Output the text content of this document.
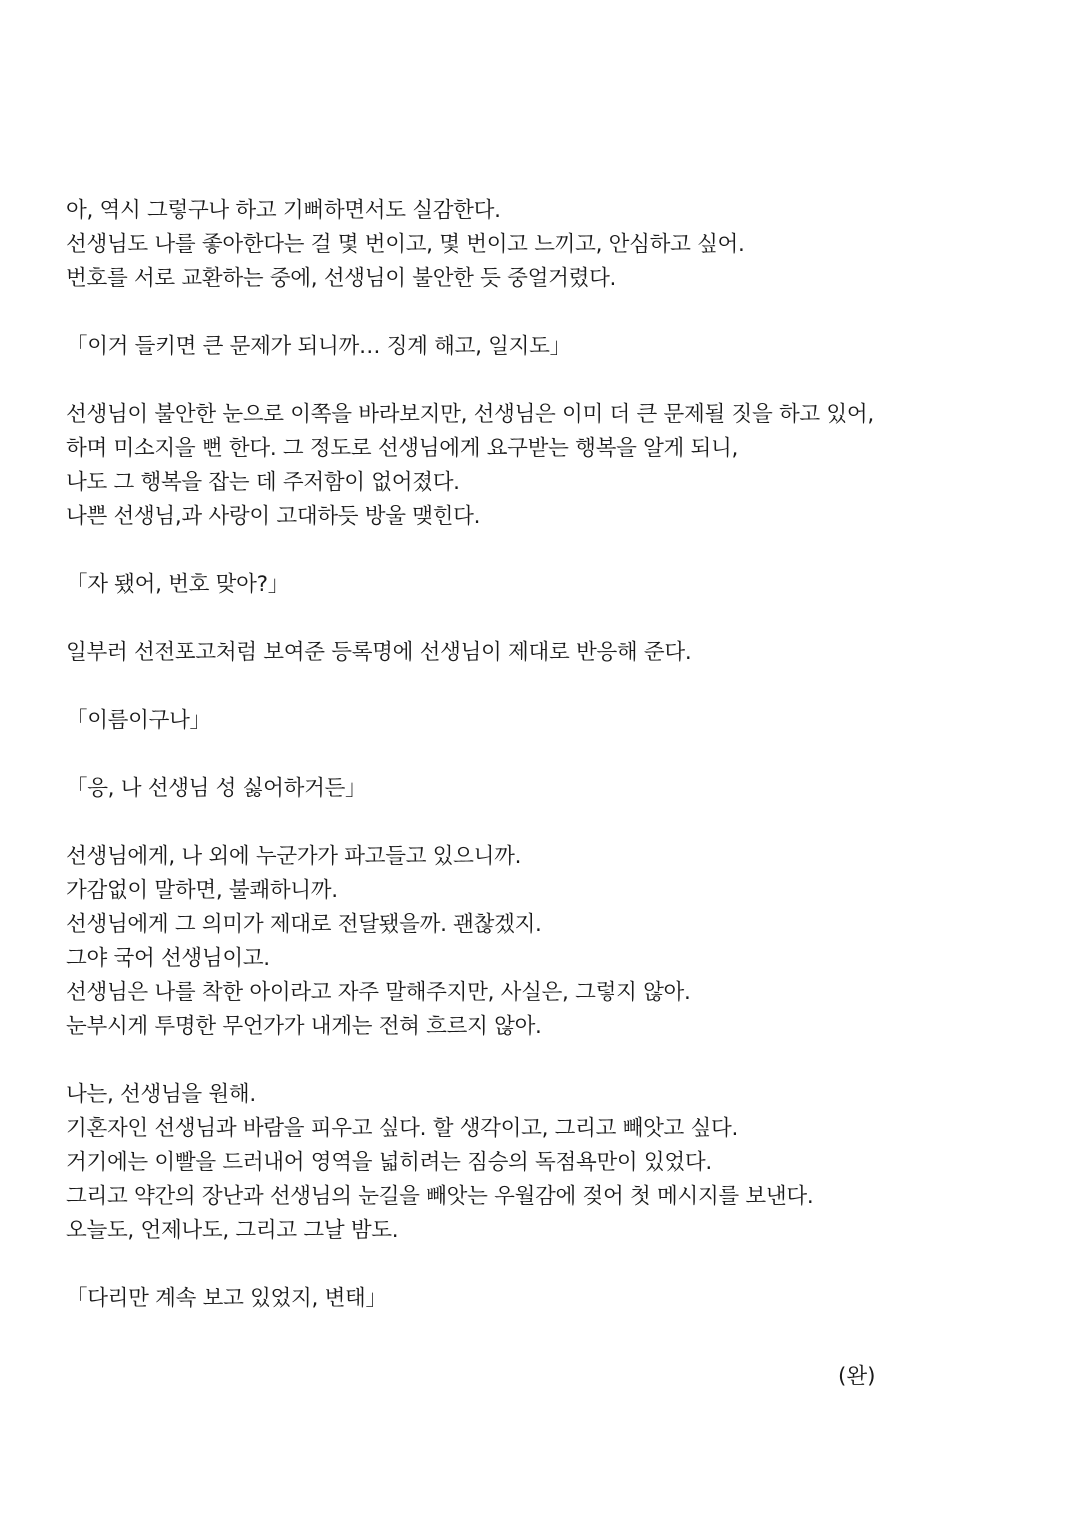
아, 역시 그렇구나 하고 기뻐하면서도 실감한다.
선생님도 나를 좋아한다는 걸 몇 번이고, 몇 번이고 느끼고, 안심하고 싶어.
번호를 서로 교환하는 중에, 선생님이 불안한 듯 중얼거렸다.
「이거 들키면 큰 문제가 되니까… 징계 해고, 일지도」
선생님이 불안한 눈으로 이쪽을 바라보지만, 선생님은 이미 더 큰 문제될 짓을 하고 있어,
하며 미소지을 뻔 한다. 그 정도로 선생님에게 요구받는 행복을 알게 되니,
나도 그 행복을 잡는 데 주저함이 없어졌다.
나쁜 선생님,과 사랑이 고대하듯 방울 맺힌다.
「자 됐어, 번호 맞아?」
일부러 선전포고처럼 보여준 등록명에 선생님이 제대로 반응해 준다.
「이름이구나」
「응, 나 선생님 성 싫어하거든」
선생님에게, 나 외에 누군가가 파고들고 있으니까.
가감없이 말하면, 불쾌하니까.
선생님에게 그 의미가 제대로 전달됐을까. 괜찮겠지.
그야 국어 선생님이고.
선생님은 나를 착한 아이라고 자주 말해주지만, 사실은, 그렇지 않아.
눈부시게 투명한 무언가가 내게는 전혀 흐르지 않아.
나는, 선생님을 원해.
기혼자인 선생님과 바람을 피우고 싶다. 할 생각이고, 그리고 빼앗고 싶다.
거기에는 이빨을 드러내어 영역을 넓히려는 짐승의 독점욕만이 있었다.
그리고 약간의 장난과 선생님의 눈길을 빼앗는 우월감에 젖어 첫 메시지를 보낸다.
오늘도, 언제나도, 그리고 그날 밤도.
「다리만 계속 보고 있었지, 변태」
(완)
